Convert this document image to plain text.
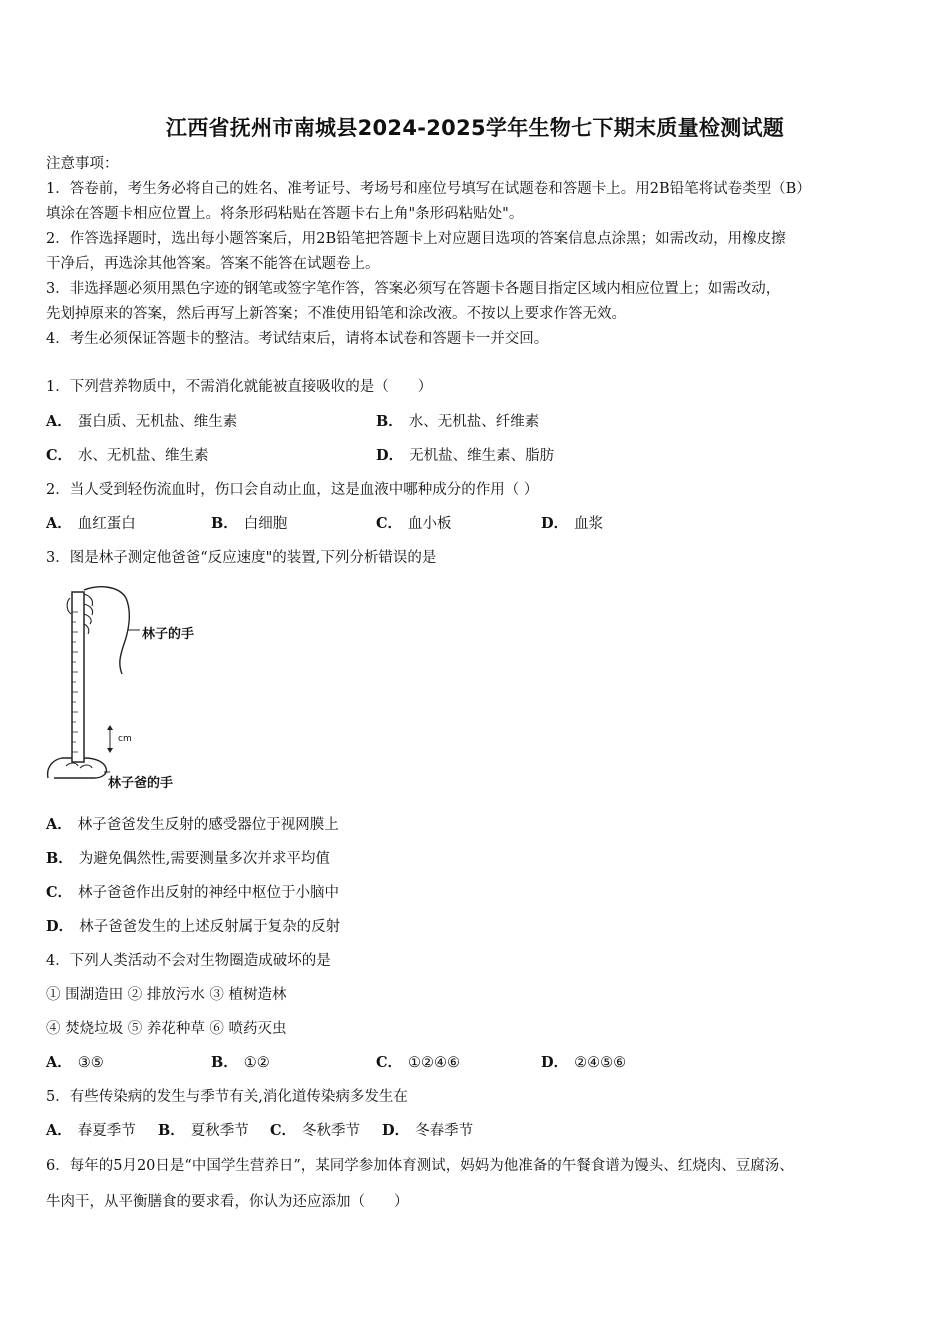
江西省抚州市南城县2024-2025学年生物七下期末质量检测试题
注意事项：
1．答卷前，考生务必将自己的姓名、准考证号、考场号和座位号填写在试题卷和答题卡上。用2B铅笔将试卷类型（B）
填涂在答题卡相应位置上。将条形码粘贴在答题卡右上角"条形码粘贴处"。
2．作答选择题时，选出每小题答案后，用2B铅笔把答题卡上对应题目选项的答案信息点涂黑；如需改动，用橡皮擦
干净后，再选涂其他答案。答案不能答在试题卷上。
3．非选择题必须用黑色字迹的钢笔或签字笔作答，答案必须写在答题卡各题目指定区域内相应位置上；如需改动，
先划掉原来的答案，然后再写上新答案；不准使用铅笔和涂改液。不按以上要求作答无效。
4．考生必须保证答题卡的整洁。考试结束后，请将本试卷和答题卡一并交回。
1．下列营养物质中，不需消化就能被直接吸收的是（　　）
A． 蛋白质、无机盐、维生素	B． 水、无机盐、纤维素
C． 水、无机盐、维生素	D． 无机盐、维生素、脂肪
2．当人受到轻伤流血时，伤口会自动止血，这是血液中哪种成分的作用（ ）
A． 血红蛋白	B． 白细胞	C． 血小板	D． 血浆
3．图是林子测定他爸爸“反应速度"的装置,下列分析错误的是
林子的手
cm
林子爸的手
A． 林子爸爸发生反射的感受器位于视网膜上
B． 为避免偶然性,需要测量多次并求平均值
C． 林子爸爸作出反射的神经中枢位于小脑中
D． 林子爸爸发生的上述反射属于复杂的反射
4．下列人类活动不会对生物圈造成破坏的是
① 围湖造田 ② 排放污水 ③ 植树造林
④ 焚烧垃圾 ⑤ 养花种草 ⑥ 喷药灭虫
A． ③⑤	B． ①②	C． ①②④⑥	D． ②④⑤⑥
5．有些传染病的发生与季节有关,消化道传染病多发生在
A． 春夏季节 B． 夏秋季节 C． 冬秋季节 D． 冬春季节
6．每年的5月20日是“中国学生营养日”，某同学参加体育测试，妈妈为他准备的午餐食谱为馒头、红烧肉、豆腐汤、
牛肉干，从平衡膳食的要求看，你认为还应添加（　　）
